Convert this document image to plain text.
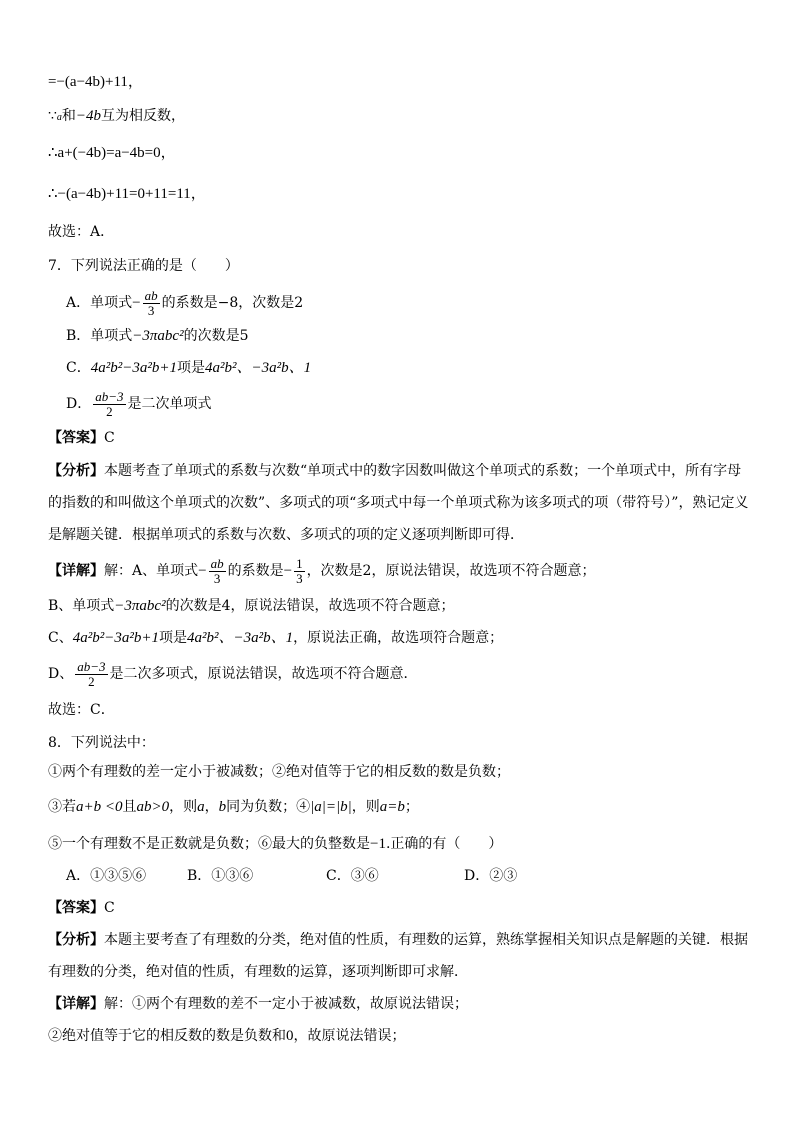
=−(a−4b)+11，
∵a和−4b互为相反数，
∴a+(−4b)=a−4b=0，
∴−(a−4b)+11=0+11=11，
故选：A．
7．下列说法正确的是（　　）
A．单项式− $\frac{ab}{3}$ 的系数是−8，次数是2
B．单项式−3πabc²的次数是5
C．4a²b²−3a²b+1项是4a²b²、−3a²b、1
D． $\frac{ab-3}{2}$ 是二次单项式
【答案】C
【分析】本题考查了单项式的系数与次数“单项式中的数字因数叫做这个单项式的系数；一个单项式中，所有字母
的指数的和叫做这个单项式的次数”、多项式的项“多项式中每一个单项式称为该多项式的项（带符号）”，熟记定义
是解题关键．根据单项式的系数与次数、多项式的项的定义逐项判断即可得．
【详解】解：A、单项式− $\frac{ab}{3}$ 的系数是− $\frac{1}{3}$ ，次数是2，原说法错误，故选项不符合题意；
B、单项式−3πabc²的次数是4，原说法错误，故选项不符合题意；
C、4a²b²−3a²b+1项是4a²b²、−3a²b、1，原说法正确，故选项符合题意；
D、 $\frac{ab-3}{2}$ 是二次多项式，原说法错误，故选项不符合题意．
故选：C．
8．下列说法中：
①两个有理数的差一定小于被减数；②绝对值等于它的相反数的数是负数；
③若a+b <0且ab>0，则a，b同为负数；④|a|=|b|，则a=b；
⑤一个有理数不是正数就是负数；⑥最大的负整数是−1.正确的有（　　）
A．①③⑤⑥	B．①③⑥	C．③⑥	D．②③
【答案】C
【分析】本题主要考查了有理数的分类，绝对值的性质，有理数的运算，熟练掌握相关知识点是解题的关键．根据
有理数的分类，绝对值的性质，有理数的运算，逐项判断即可求解．
【详解】解：①两个有理数的差不一定小于被减数，故原说法错误；
②绝对值等于它的相反数的数是负数和0，故原说法错误；
